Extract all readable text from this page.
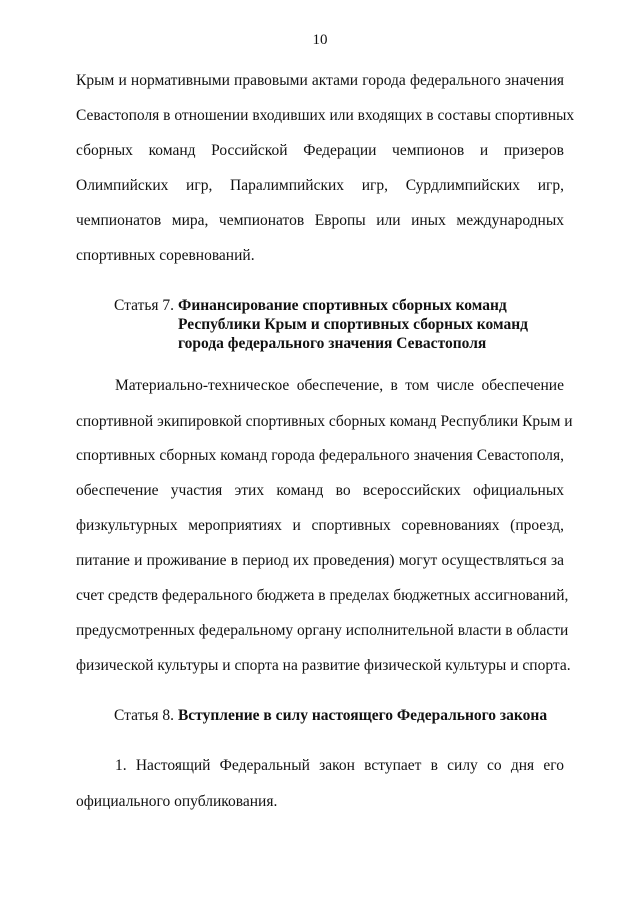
10
Крым и нормативными правовыми актами города федерального значения
Севастополя в отношении входивших или входящих в составы спортивных
сборных команд Российской Федерации чемпионов и призеров
Олимпийских игр, Паралимпийских игр, Сурдлимпийских игр,
чемпионатов мира, чемпионатов Европы или иных международных
спортивных соревнований.
Статья 7. Финансирование спортивных сборных команд
Республики Крым и спортивных сборных команд
города федерального значения Севастополя
Материально-техническое обеспечение, в том числе обеспечение
спортивной экипировкой спортивных сборных команд Республики Крым и
спортивных сборных команд города федерального значения Севастополя,
обеспечение участия этих команд во всероссийских официальных
физкультурных мероприятиях и спортивных соревнованиях (проезд,
питание и проживание в период их проведения) могут осуществляться за
счет средств федерального бюджета в пределах бюджетных ассигнований,
предусмотренных федеральному органу исполнительной власти в области
физической культуры и спорта на развитие физической культуры и спорта.
Статья 8. Вступление в силу настоящего Федерального закона
1. Настоящий Федеральный закон вступает в силу со дня его
официального опубликования.
